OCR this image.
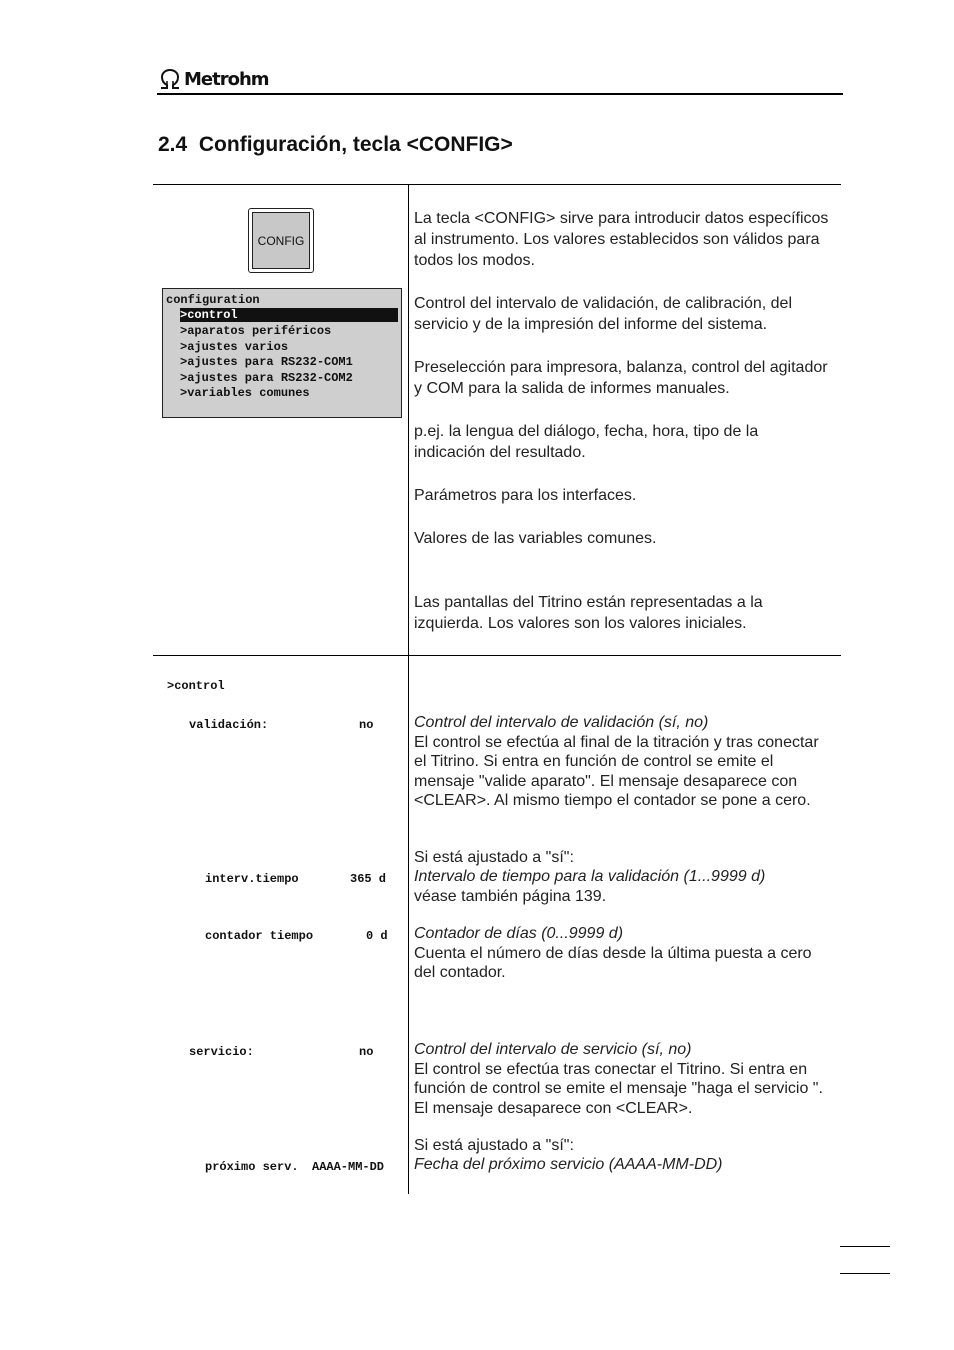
Metrohm
2.4 Configuración, tecla <CONFIG>
CONFIG
configuration
>control
>aparatos periféricos
>ajustes varios
>ajustes para RS232-COM1
>ajustes para RS232-COM2
>variables comunes
La tecla <CONFIG> sirve para introducir datos específicos al instrumento. Los valores establecidos son válidos para todos los modos.
Control del intervalo de validación, de calibración, del servicio y de la impresión del informe del sistema.
Preselección para impresora, balanza, control del agitador y COM para la salida de informes manuales.
p.ej. la lengua del diálogo, fecha, hora, tipo de la indicación del resultado.
Parámetros para los interfaces.
Valores de las variables comunes.
Las pantallas del Titrino están representadas a la izquierda. Los valores son los valores iniciales.
>control
validación:	no
interv.tiempo	365 d
contador tiempo	0 d
servicio:	no
próximo serv. AAAA-MM-DD
Control del intervalo de validación (sí, no)
El control se efectúa al final de la titración y tras conectar el Titrino. Si entra en función de control se emite el mensaje "valide aparato". El mensaje desaparece con <CLEAR>. Al mismo tiempo el contador se pone a cero.
Si está ajustado a "sí":
Intervalo de tiempo para la validación (1...9999 d)
véase también página 139.
Contador de días (0...9999 d)
Cuenta el número de días desde la última puesta a cero del contador.
Control del intervalo de servicio (sí, no)
El control se efectúa tras conectar el Titrino. Si entra en función de control se emite el mensaje "haga el servicio ". El mensaje desaparece con <CLEAR>.
Si está ajustado a "sí":
Fecha del próximo servicio (AAAA-MM-DD)
